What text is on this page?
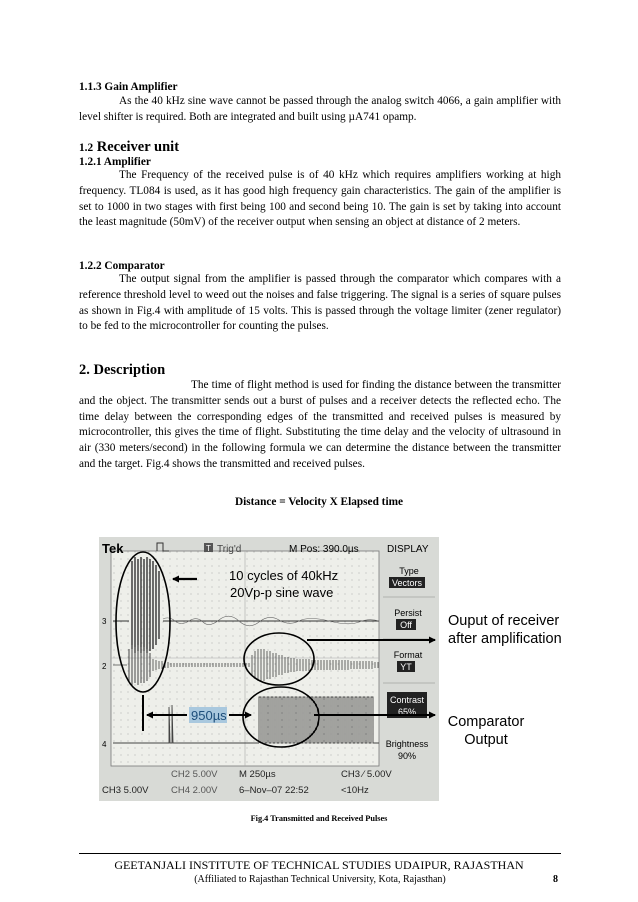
1.1.3 Gain Amplifier

As the 40 kHz sine wave cannot be passed through the analog switch 4066, a gain amplifier with level shifter is required. Both are integrated and built using µA741 opamp.

1.2 Receiver unit
1.2.1 Amplifier

The Frequency of the received pulse is of 40 kHz which requires amplifiers working at high frequency. TL084 is used, as it has good high frequency gain characteristics. The gain of the amplifier is set to 1000 in two stages with first being 100 and second being 10. The gain is set by taking into account the least magnitude (50mV) of the receiver output when sensing an object at distance of 2 meters.

1.2.2 Comparator

The output signal from the amplifier is passed through the comparator which compares with a reference threshold level to weed out the noises and false triggering. The signal is a series of square pulses as shown in Fig.4 with amplitude of 15 volts. This is passed through the voltage limiter (zener regulator) to be fed to the microcontroller for counting the pulses.

2. Description

The time of flight method is used for finding the distance between the transmitter and the object. The transmitter sends out a burst of pulses and a receiver detects the reflected echo. The time delay between the corresponding edges of the transmitted and received pulses is measured by microcontroller, this gives the time of flight. Substituting the time delay and the velocity of ultrasound in air (330 meters/second) in the following formula we can determine the distance between the transmitter and the target. Fig.4 shows the transmitted and received pulses.

Distance = Velocity X Elapsed time
Tek	T Trig'd	M Pos: 390.0µs	DISPLAY
Type
Vectors
Persist
Off
Format
YT
Contrast
65%
Brightness
90%
3
2
4
10 cycles of 40kHz
20Vp-p sine wave
950µs
CH2 5.00V M 250µs	CH3 ∕ 5.00V
CH3 5.00V CH4 2.00V 6–Nov–07 22:52	<10Hz
Ouput of receiver
after amplification
Comparator
Output
Fig.4 Transmitted and Received Pulses
GEETANJALI INSTITUTE OF TECHNICAL STUDIES UDAIPUR, RAJASTHAN
(Affiliated to Rajasthan Technical University, Kota, Rajasthan)	8
